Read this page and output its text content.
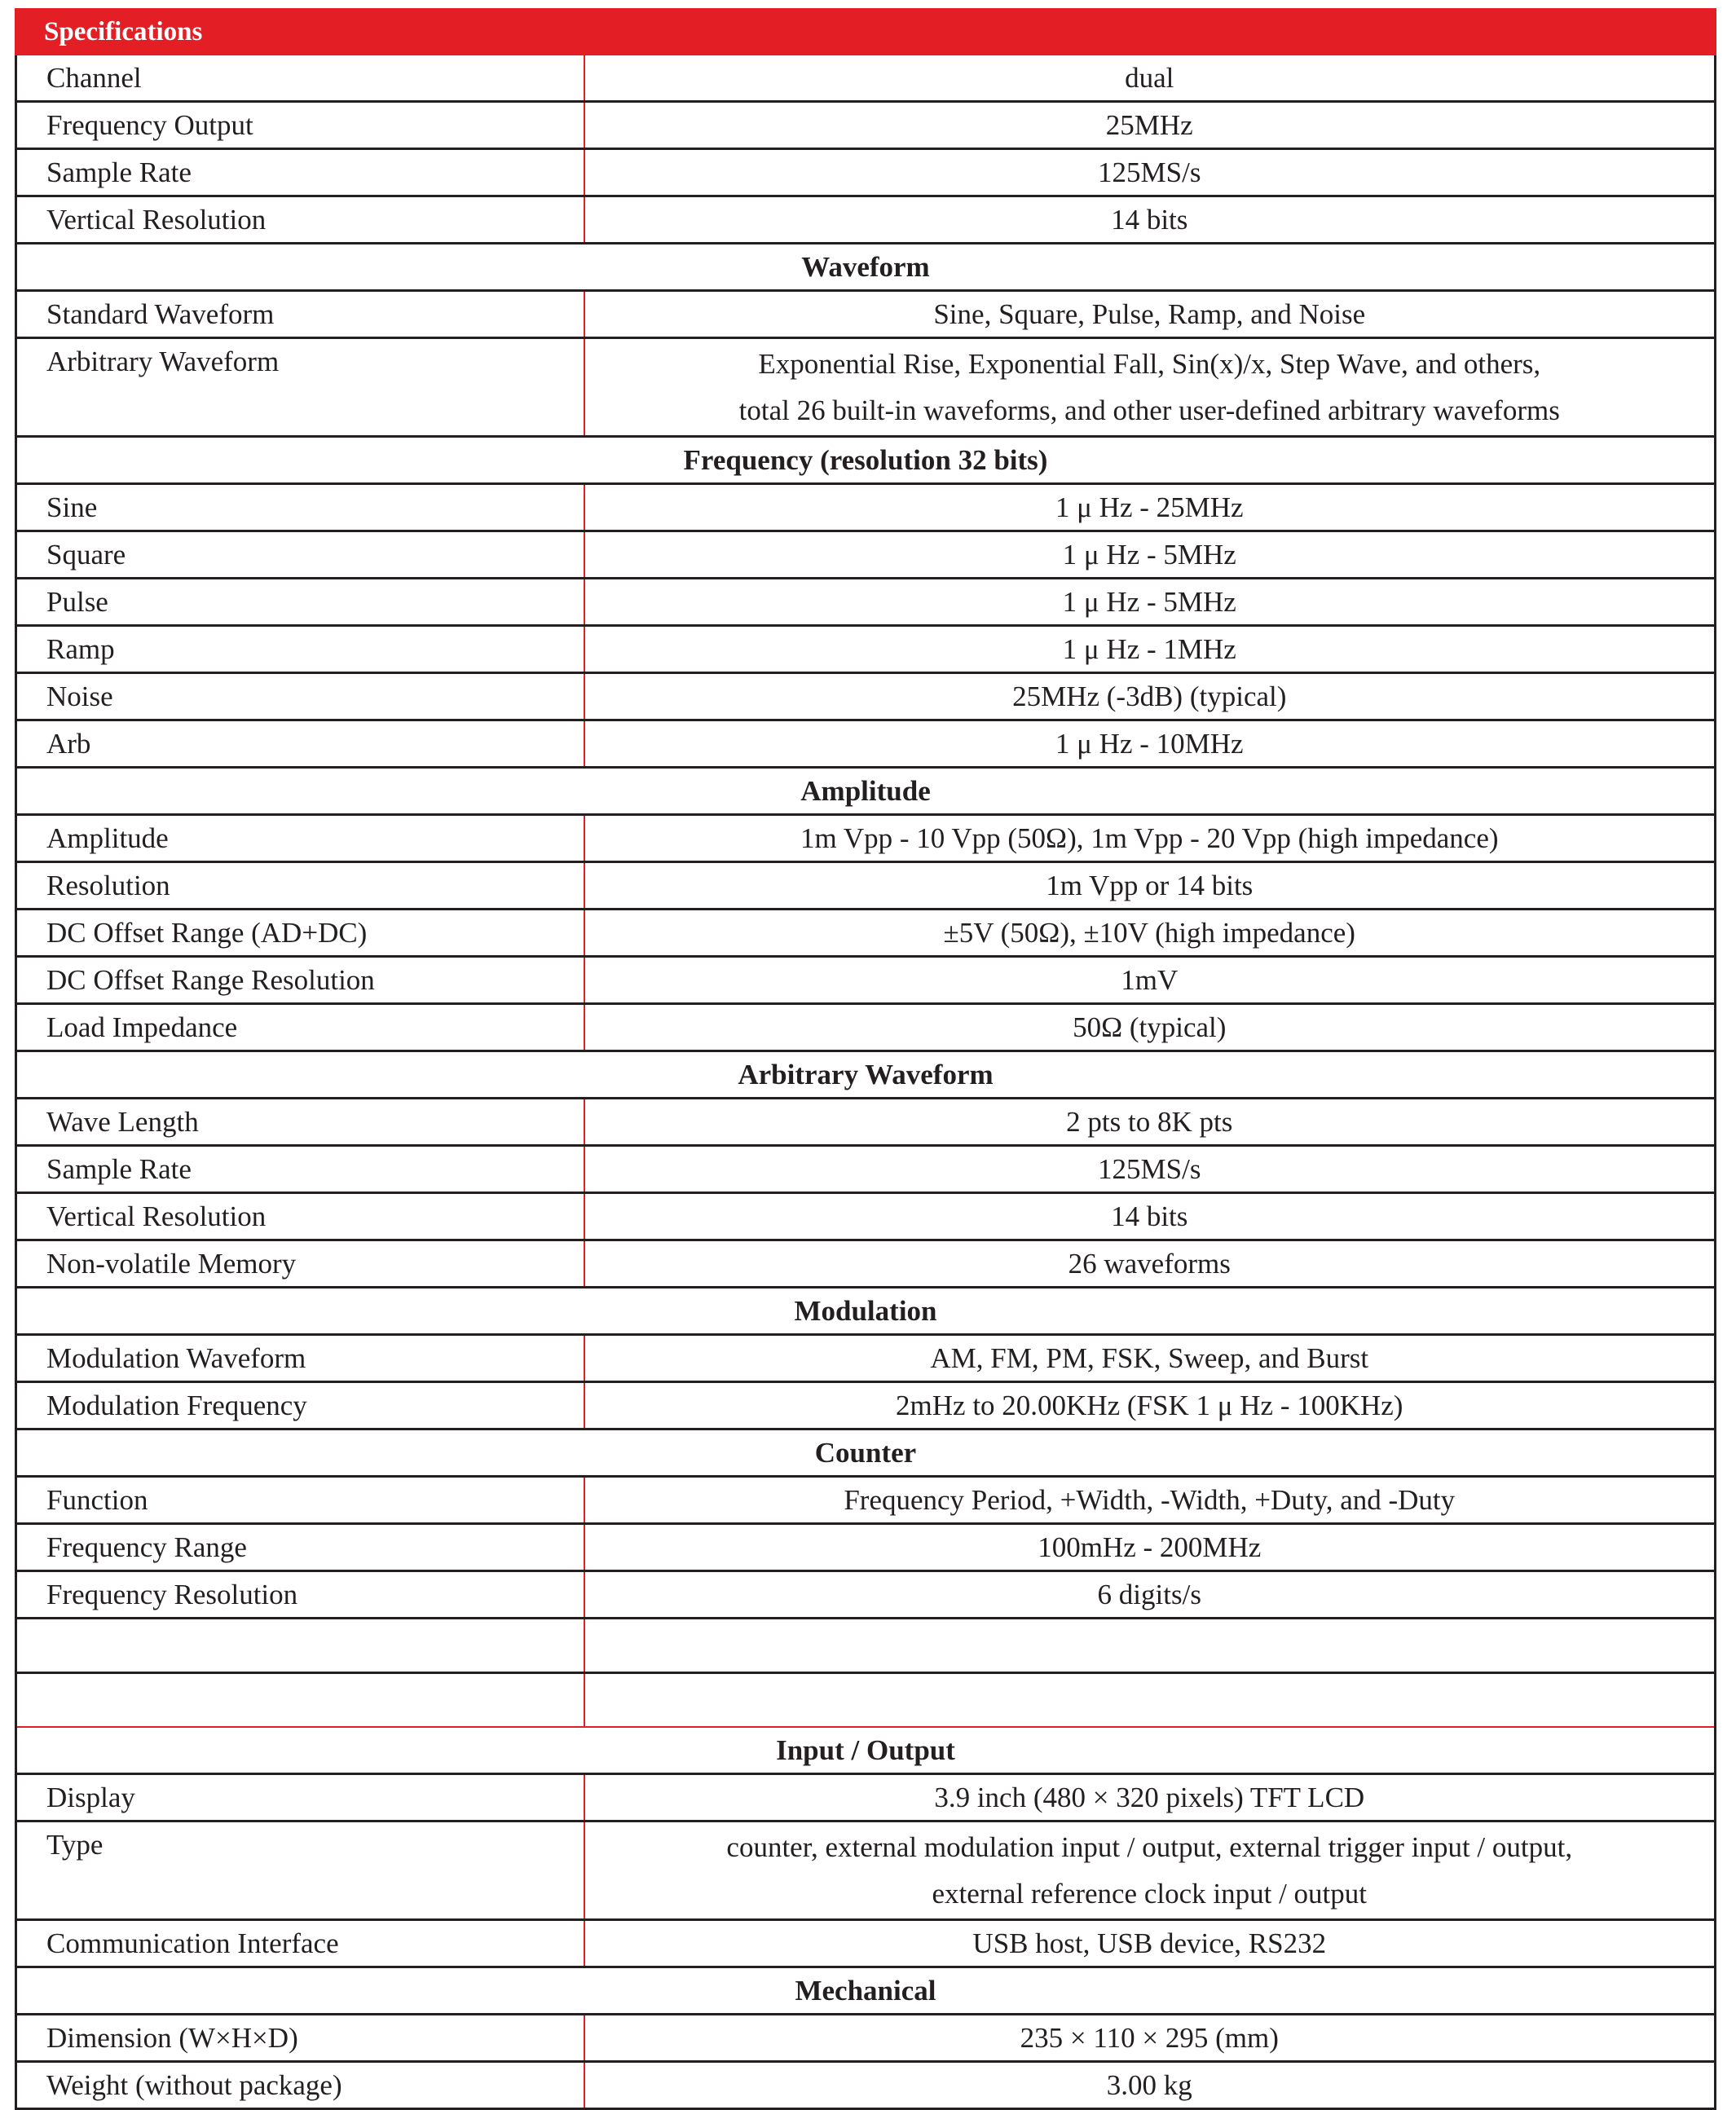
Specifications
Channel	dual
Frequency Output	25MHz
Sample Rate	125MS/s
Vertical Resolution	14 bits
Waveform	
Standard Waveform	Sine, Square, Pulse, Ramp, and Noise
Arbitrary Waveform	Exponential Rise, Exponential Fall, Sin(x)/x, Step Wave, and others,
total 26 built-in waveforms, and other user-defined arbitrary waveforms

Frequency (resolution 32 bits)	
Sine	1 μ Hz - 25MHz
Square	1 μ Hz - 5MHz
Pulse	1 μ Hz - 5MHz
Ramp	1 μ Hz - 1MHz
Noise	25MHz (-3dB) (typical)
Arb	1 μ Hz - 10MHz
Amplitude	
Amplitude	1m Vpp - 10 Vpp (50Ω), 1m Vpp - 20 Vpp (high impedance)
Resolution	1m Vpp or 14 bits
DC Offset Range (AD+DC)	±5V (50Ω), ±10V (high impedance)
DC Offset Range Resolution	1mV
Load Impedance	50Ω (typical)
Arbitrary Waveform	
Wave Length	2 pts to 8K pts
Sample Rate	125MS/s
Vertical Resolution	14 bits
Non-volatile Memory	26 waveforms
Modulation	
Modulation Waveform	AM, FM, PM, FSK, Sweep, and Burst
Modulation Frequency	2mHz to 20.00KHz (FSK 1 μ Hz - 100KHz)
Counter	
Function	Frequency Period, +Width, -Width, +Duty, and -Duty
Frequency Range	100mHz - 200MHz
Frequency Resolution	6 digits/s

Input / Output	
Display	3.9 inch (480 × 320 pixels) TFT LCD
Type	counter, external modulation input / output, external trigger input / output,
external reference clock input / output

Communication Interface	USB host, USB device, RS232
Mechanical	
Dimension (W×H×D)	235 × 110 × 295 (mm)
Weight (without package)	3.00 kg
